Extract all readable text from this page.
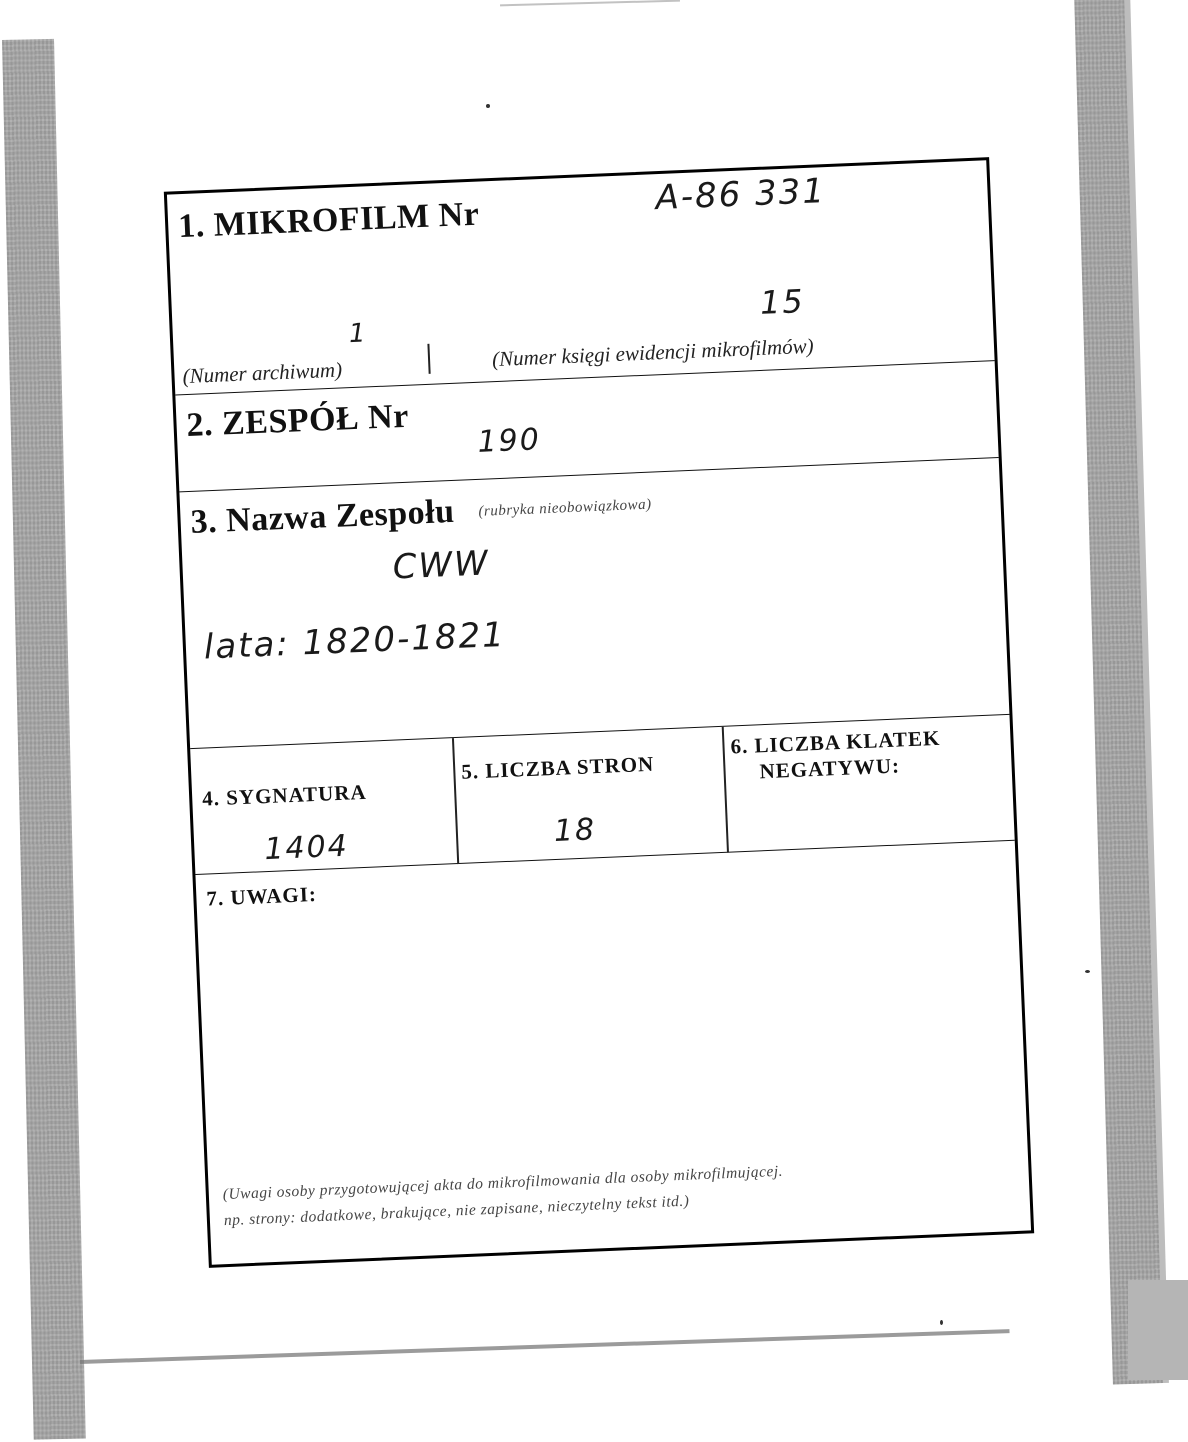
1. MIKROFILM Nr
A-86 331
1
15
(Numer archiwum)
(Numer księgi ewidencji mikrofilmów)
2. ZESPÓŁ Nr 190
3. Nazwa Zespołu (rubryka nieobowiązkowa)
CWW
lata: 1820-1821
4. SYGNATURA
1404
5. LICZBA STRON
18
6. LICZBA KLATEK
NEGATYWU:
7. UWAGI:
(Uwagi osoby przygotowującej akta do mikrofilmowania dla osoby mikrofilmującej.
np. strony: dodatkowe, brakujące, nie zapisane, nieczytelny tekst itd.)
